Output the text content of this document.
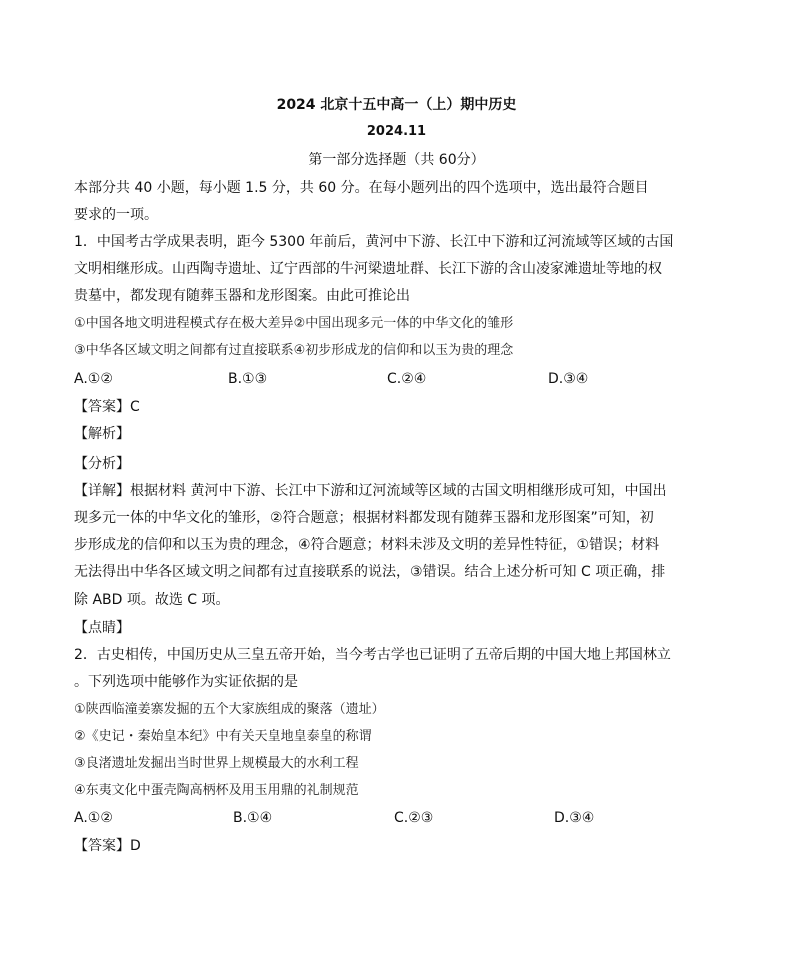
2024 北京十五中高一（上）期中历史
2024.11
第一部分选择题（共 60分）
本部分共 40 小题，每小题 1.5 分，共 60 分。在每小题列出的四个选项中，选出最符合题目
要求的一项。
1．中国考古学成果表明，距今 5300 年前后，黄河中下游、长江中下游和辽河流域等区域的古国
文明相继形成。山西陶寺遗址、辽宁西部的牛河梁遗址群、长江下游的含山凌家滩遗址等地的权
贵墓中，都发现有随葬玉器和龙形图案。由此可推论出
①中国各地文明进程模式存在极大差异②中国出现多元一体的中华文化的雏形
③中华各区域文明之间都有过直接联系④初步形成龙的信仰和以玉为贵的理念
A.①②	B.①③	C.②④	D.③④
【答案】C
【解析】
【分析】
【详解】根据材料 黄河中下游、长江中下游和辽河流域等区域的古国文明相继形成可知，中国出
现多元一体的中华文化的雏形，②符合题意；根据材料都发现有随葬玉器和龙形图案”可知，初
步形成龙的信仰和以玉为贵的理念，④符合题意；材料未涉及文明的差异性特征，①错误；材料
无法得出中华各区域文明之间都有过直接联系的说法，③错误。结合上述分析可知 C 项正确，排
除 ABD 项。故选 C 项。
【点睛】
2．古史相传，中国历史从三皇五帝开始，当今考古学也已证明了五帝后期的中国大地上邦国林立
。下列选项中能够作为实证依据的是
①陕西临潼姜寨发掘的五个大家族组成的聚落（遗址）
②《史记・秦始皇本纪》中有关天皇地皇泰皇的称谓
③良渚遗址发掘出当时世界上规模最大的水利工程
④东夷文化中蛋壳陶高柄杯及用玉用鼎的礼制规范
A.①②	B.①④	C.②③	D.③④
【答案】D
